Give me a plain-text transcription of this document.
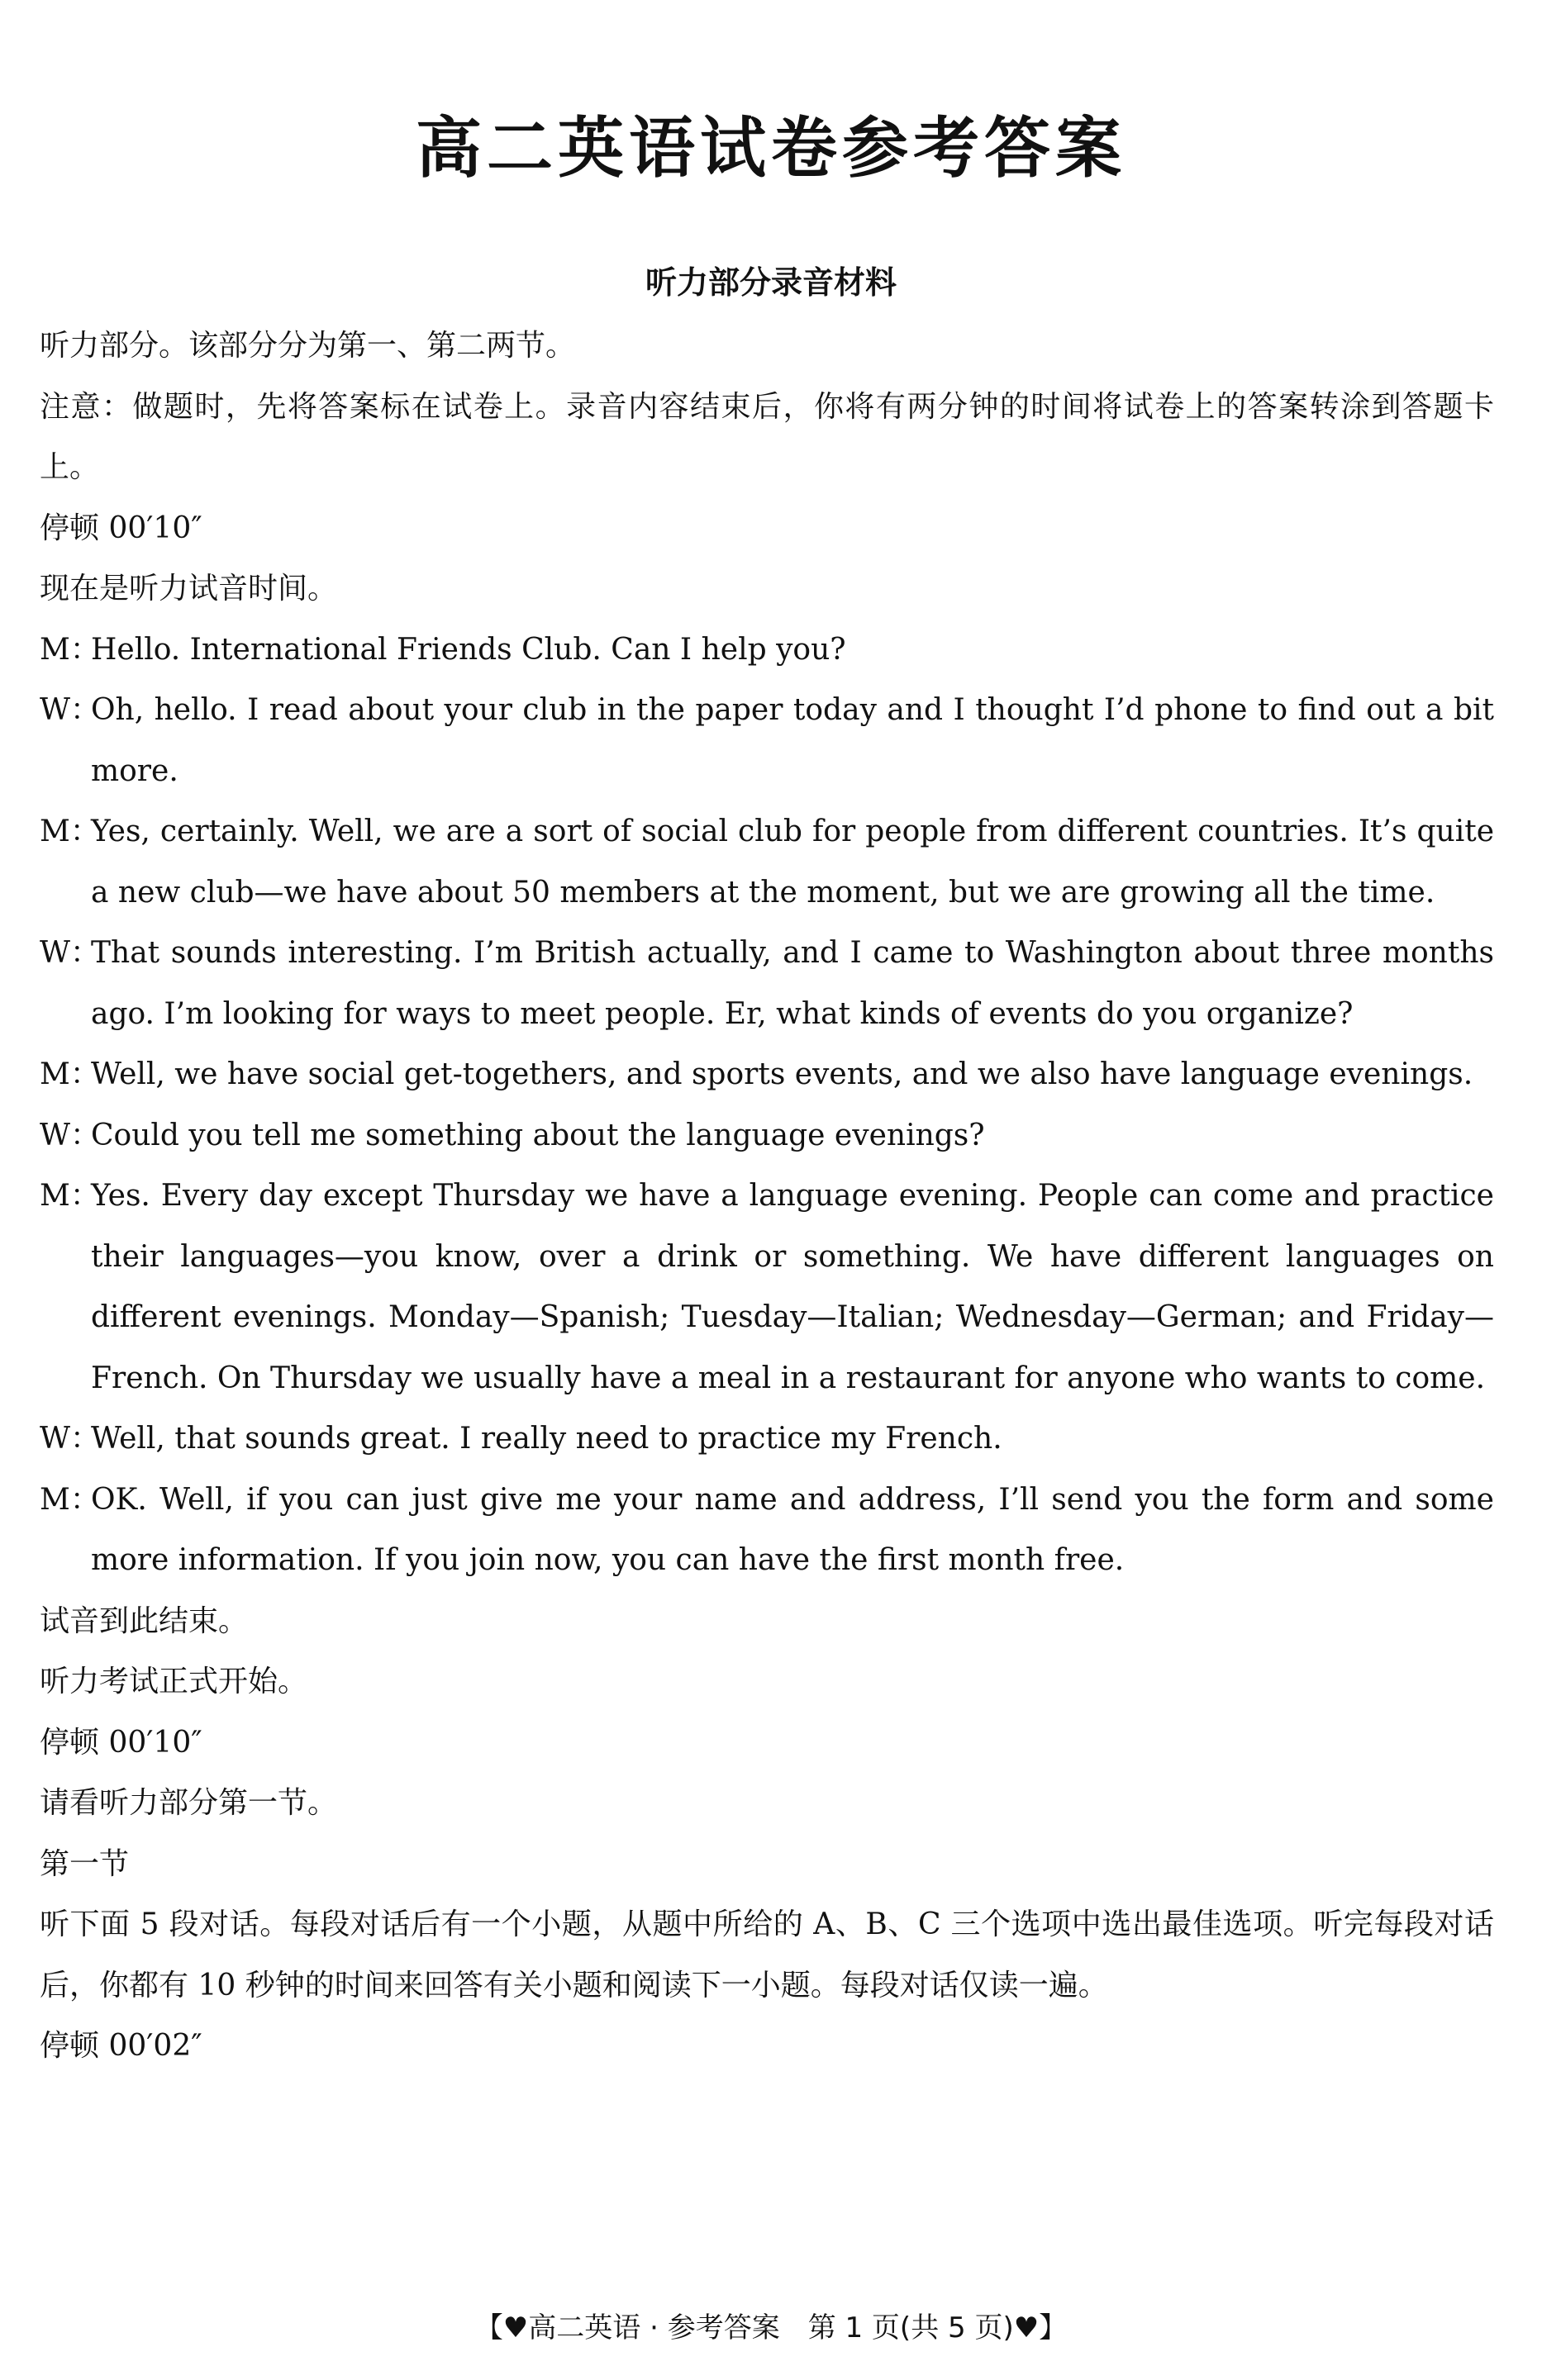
高二英语试卷参考答案
听力部分录音材料

听力部分。该部分分为第一、第二两节。

注意：做题时，先将答案标在试卷上。录音内容结束后，你将有两分钟的时间将试卷上的答案转涂到答题卡上。

停顿 00′10″

现在是听力试音时间。

M：
Hello. International Friends Club. Can I help you?
W：
Oh, hello. I read about your club in the paper today and I thought I’d phone to find out a bit more.
M：
Yes, certainly. Well, we are a sort of social club for people from different countries. It’s quite a new club—we have about 50 members at the moment, but we are growing all the time.
W：
That sounds interesting. I’m British actually, and I came to Washington about three months ago. I’m looking for ways to meet people. Er, what kinds of events do you organize?
M：
Well, we have social get-togethers, and sports events, and we also have language evenings.
W：
Could you tell me something about the language evenings?
M：
Yes. Every day except Thursday we have a language evening. People can come and practice their languages—you know, over a drink or something. We have different languages on different evenings. Monday—Spanish; Tuesday—Italian; Wednesday—German; and Friday—French. On Thursday we usually have a meal in a restaurant for anyone who wants to come.
W：
Well, that sounds great. I really need to practice my French.
M：
OK. Well, if you can just give me your name and address, I’ll send you the form and some more information. If you join now, you can have the first month free.

试音到此结束。

听力考试正式开始。

停顿 00′10″

请看听力部分第一节。

第一节

听下面 5 段对话。每段对话后有一个小题，从题中所给的 A、B、C 三个选项中选出最佳选项。听完每段对话后，你都有 10 秒钟的时间来回答有关小题和阅读下一小题。每段对话仅读一遍。

停顿 00′02″

【♥高二英语 · 参考答案　第 1 页(共 5 页)♥】
